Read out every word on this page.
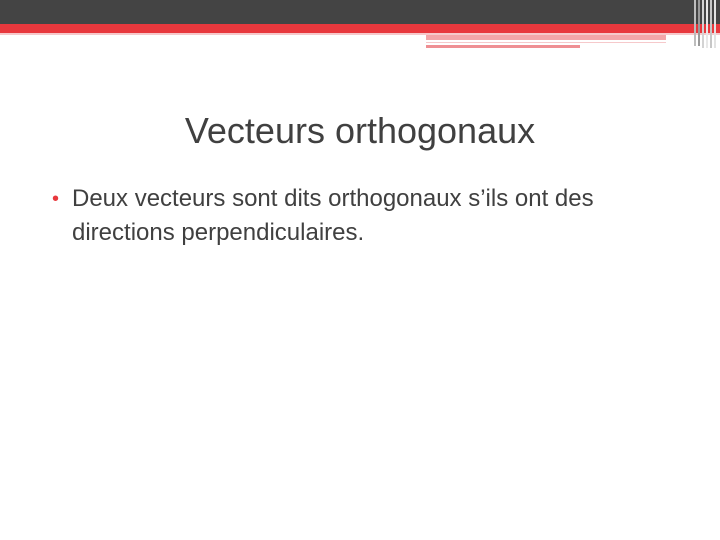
Vecteurs orthogonaux
• Deux vecteurs sont dits orthogonaux s’ils ont des directions perpendiculaires.
